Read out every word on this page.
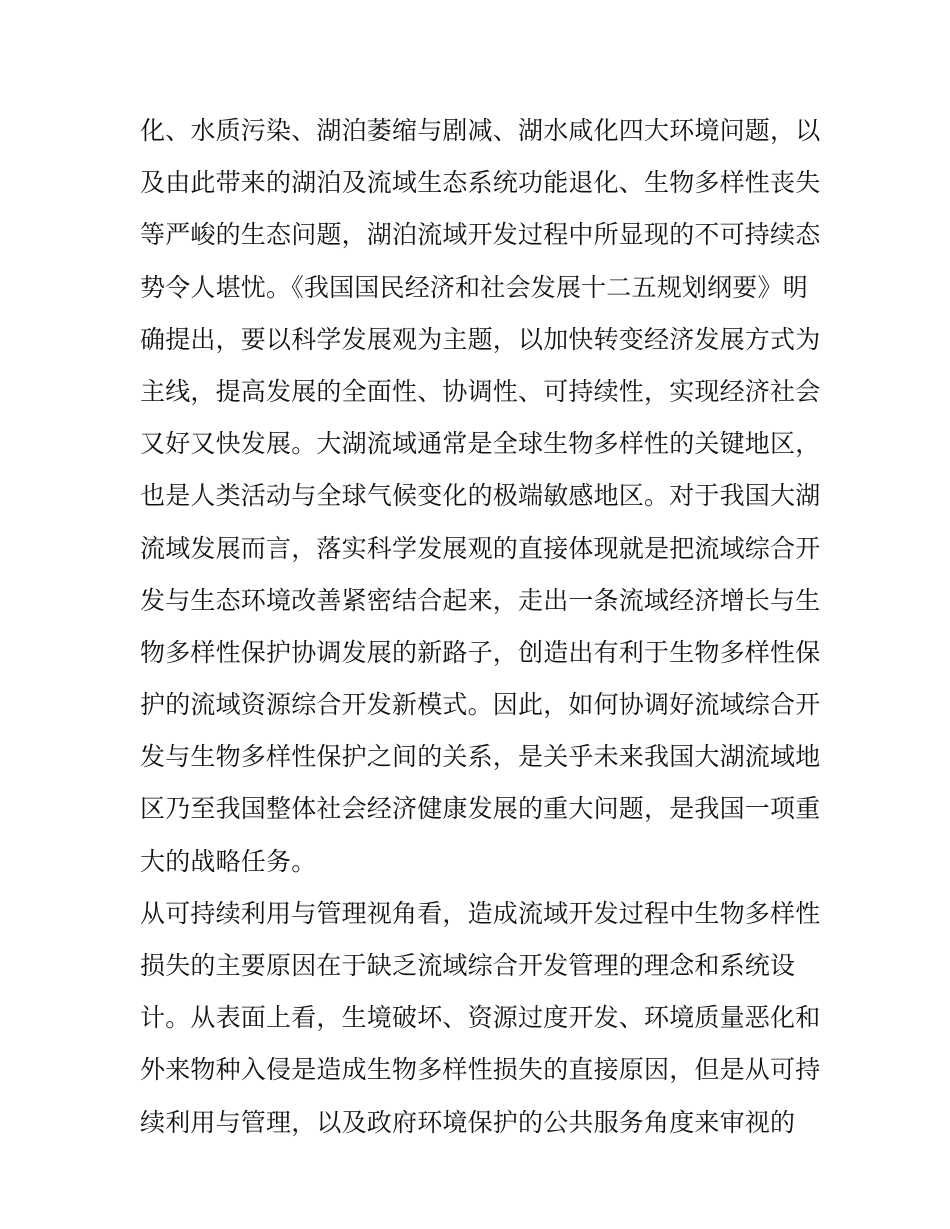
化、水质污染、湖泊萎缩与剧减、湖水咸化四大环境问题，以
及由此带来的湖泊及流域生态系统功能退化、生物多样性丧失
等严峻的生态问题，湖泊流域开发过程中所显现的不可持续态
势令人堪忧。《我国国民经济和社会发展十二五规划纲要》明
确提出，要以科学发展观为主题，以加快转变经济发展方式为
主线，提高发展的全面性、协调性、可持续性，实现经济社会
又好又快发展。大湖流域通常是全球生物多样性的关键地区，
也是人类活动与全球气候变化的极端敏感地区。对于我国大湖
流域发展而言，落实科学发展观的直接体现就是把流域综合开
发与生态环境改善紧密结合起来，走出一条流域经济增长与生
物多样性保护协调发展的新路子，创造出有利于生物多样性保
护的流域资源综合开发新模式。因此，如何协调好流域综合开
发与生物多样性保护之间的关系，是关乎未来我国大湖流域地
区乃至我国整体社会经济健康发展的重大问题，是我国一项重
大的战略任务。
从可持续利用与管理视角看，造成流域开发过程中生物多样性
损失的主要原因在于缺乏流域综合开发管理的理念和系统设
计。从表面上看，生境破坏、资源过度开发、环境质量恶化和
外来物种入侵是造成生物多样性损失的直接原因，但是从可持
续利用与管理，以及政府环境保护的公共服务角度来审视的
